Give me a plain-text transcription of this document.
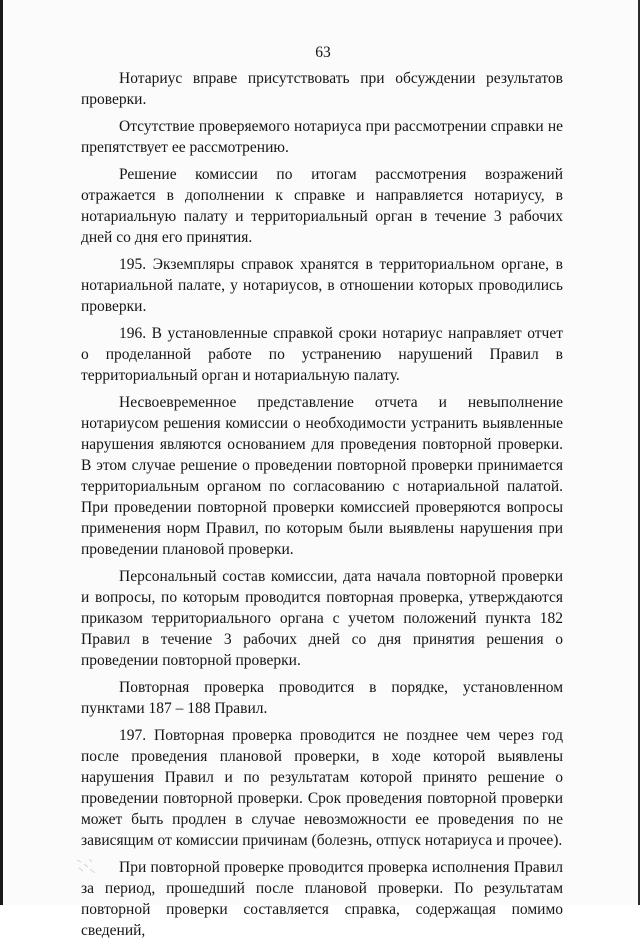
63

Нотариус вправе присутствовать при обсуждении результатов проверки.

Отсутствие проверяемого нотариуса при рассмотрении справки не препятствует ее рассмотрению.

Решение комиссии по итогам рассмотрения возражений отражается в дополнении к справке и направляется нотариусу, в нотариальную палату и территориальный орган в течение 3 рабочих дней со дня его принятия.

195. Экземпляры справок хранятся в территориальном органе, в нотариальной палате, у нотариусов, в отношении которых проводились проверки.

196. В установленные справкой сроки нотариус направляет отчет о проделанной работе по устранению нарушений Правил в территориальный орган и нотариальную палату.

Несвоевременное представление отчета и невыполнение нотариусом решения комиссии о необходимости устранить выявленные нарушения являются основанием для проведения повторной проверки. В этом случае решение о проведении повторной проверки принимается территориальным органом по согласованию с нотариальной палатой. При проведении повторной проверки комиссией проверяются вопросы применения норм Правил, по которым были выявлены нарушения при проведении плановой проверки.

Персональный состав комиссии, дата начала повторной проверки и вопросы, по которым проводится повторная проверка, утверждаются приказом территориального органа с учетом положений пункта 182 Правил в течение 3 рабочих дней со дня принятия решения о проведении повторной проверки.

Повторная проверка проводится в порядке, установленном пунктами 187 – 188 Правил.

197. Повторная проверка проводится не позднее чем через год после проведения плановой проверки, в ходе которой выявлены нарушения Правил и по результатам которой принято решение о проведении повторной проверки. Срок проведения повторной проверки может быть продлен в случае невозможности ее проведения по не зависящим от комиссии причинам (болезнь, отпуск нотариуса и прочее).

При повторной проверке проводится проверка исполнения Правил за период, прошедший после плановой проверки. По результатам повторной проверки составляется справка, содержащая помимо сведений,
